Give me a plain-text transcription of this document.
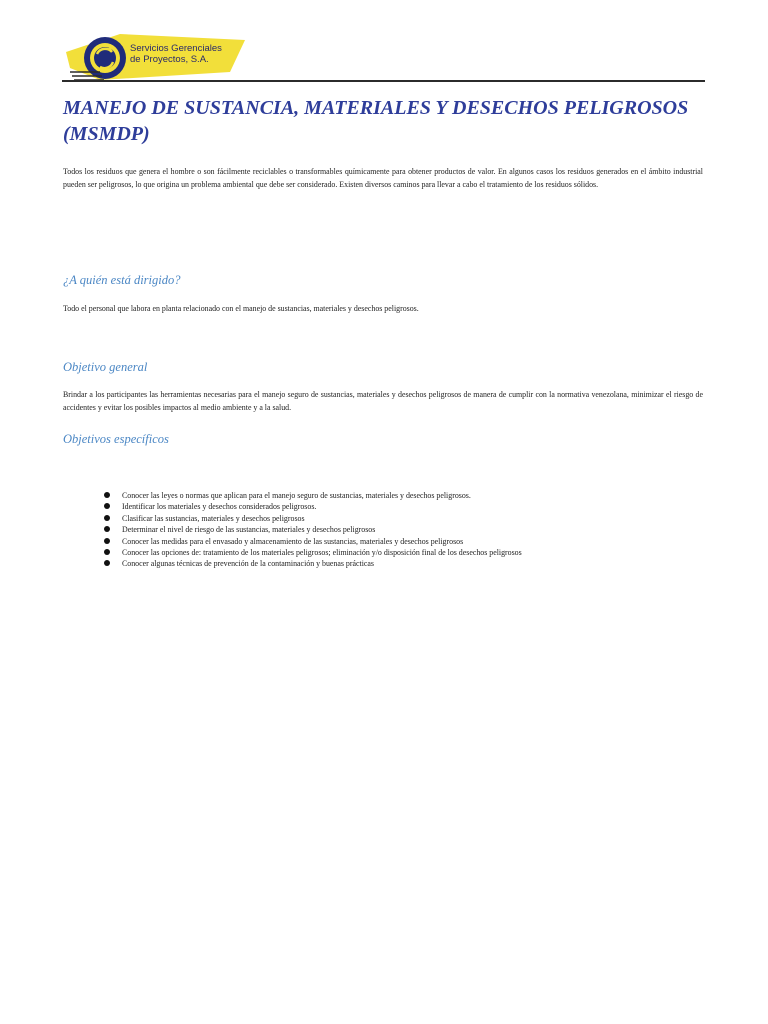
Servicios Gerenciales
de Proyectos, S.A.
MANEJO DE SUSTANCIA, MATERIALES Y DESECHOS PELIGROSOS (MSMDP)

Todos los residuos que genera el hombre o son fácilmente reciclables o transformables químicamente para obtener productos de valor. En algunos casos los residuos generados en el ámbito industrial pueden ser peligrosos, lo que origina un problema ambiental que debe ser considerado. Existen diversos caminos para llevar a cabo el tratamiento de los residuos sólidos.

¿A quién está dirigido?

Todo el personal que labora en planta relacionado con el manejo de sustancias, materiales y desechos peligrosos.

Objetivo general

Brindar a los participantes las herramientas necesarias para el manejo seguro de sustancias, materiales y desechos peligrosos de manera de cumplir con la normativa venezolana, minimizar el riesgo de accidentes y evitar los posibles impactos al medio ambiente y a la salud.

Objetivos específicos
Conocer las leyes o normas que aplican para el manejo seguro de sustancias, materiales y desechos peligrosos.
Identificar los materiales y desechos considerados peligrosos.
Clasificar las sustancias, materiales y desechos peligrosos
Determinar el nivel de riesgo de las sustancias, materiales y desechos peligrosos
Conocer las medidas para el envasado y almacenamiento de las sustancias, materiales y desechos peligrosos
Conocer las opciones de: tratamiento de los materiales peligrosos; eliminación y/o disposición final de los desechos peligrosos
Conocer algunas técnicas de prevención de la contaminación y buenas prácticas
